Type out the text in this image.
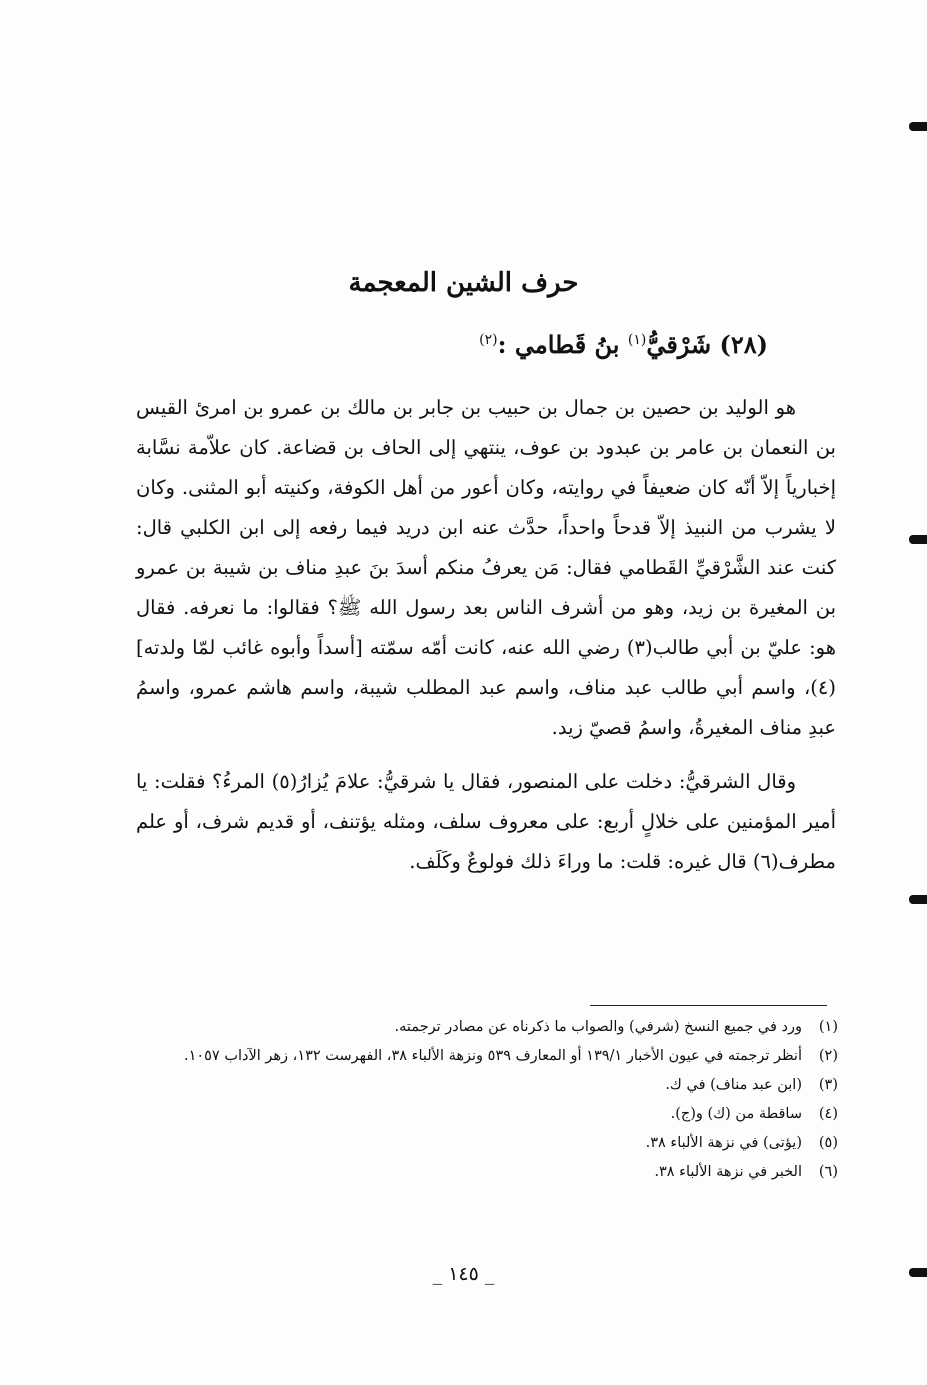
حرف الشين المعجمة
(٢٨) شَرْقيُّ$^{(١)}$ بنُ قَطامي :$^{(٢)}$

هو الوليد بن حصين بن جمال بن حبيب بن جابر بن مالك بن عمرو بن امرئ القيس بن النعمان بن عامر بن عبدود بن عوف، ينتهي إلى الحاف بن قضاعة. كان علاّمة نسَّابة إخبارياً إلاّ أنّه كان ضعيفاً في روايته، وكان أعور من أهل الكوفة، وكنيته أبو المثنى. وكان لا يشرب من النبيذ إلاّ قدحاً واحداً، حدَّث عنه ابن دريد فيما رفعه إلى ابن الكلبي قال: كنت عند الشَّرْقيِّ القَطامي فقال: مَن يعرفُ منكم أسدَ بنَ عبدِ مناف بن شيبة بن عمرو بن المغيرة بن زيد، وهو من أشرف الناس بعد رسول الله ﷺ؟ فقالوا: ما نعرفه. فقال هو: عليّ بن أبي طالب(٣) رضي الله عنه، كانت أمّه سمّته [أسداً وأبوه غائب لمّا ولدته](٤)، واسم أبي طالب عبد مناف، واسم عبد المطلب شيبة، واسم هاشم عمرو، واسمُ عبدِ مناف المغيرةُ، واسمُ قصيّ زيد.

وقال الشرقيُّ: دخلت على المنصور، فقال يا شرقيُّ: علامَ يُزارُ(٥) المرءُ؟ فقلت: يا أمير المؤمنين على خلالٍ أربع: على معروف سلف، ومثله يؤتنف، أو قديم شرف، أو علم مطرف(٦) قال غيره: قلت: ما وراءَ ذلك فولوعٌ وكَلَف.

(١)
ورد في جميع النسخ (شرفي) والصواب ما ذكرناه عن مصادر ترجمته.
(٢)
أنظر ترجمته في عيون الأخبار ١٣٩/١ أو المعارف ٥٣٩ ونزهة الألباء ٣٨، الفهرست ١٣٢، زهر الآداب ١٠٥٧.
(٣)
(ابن عبد مناف) في ك.
(٤)
ساقطة من (ك) و(ج).
(٥)
(يؤتى) في نزهة الألباء ٣٨.
(٦)
الخبر في نزهة الألباء ٣٨.
_ ١٤٥ _
